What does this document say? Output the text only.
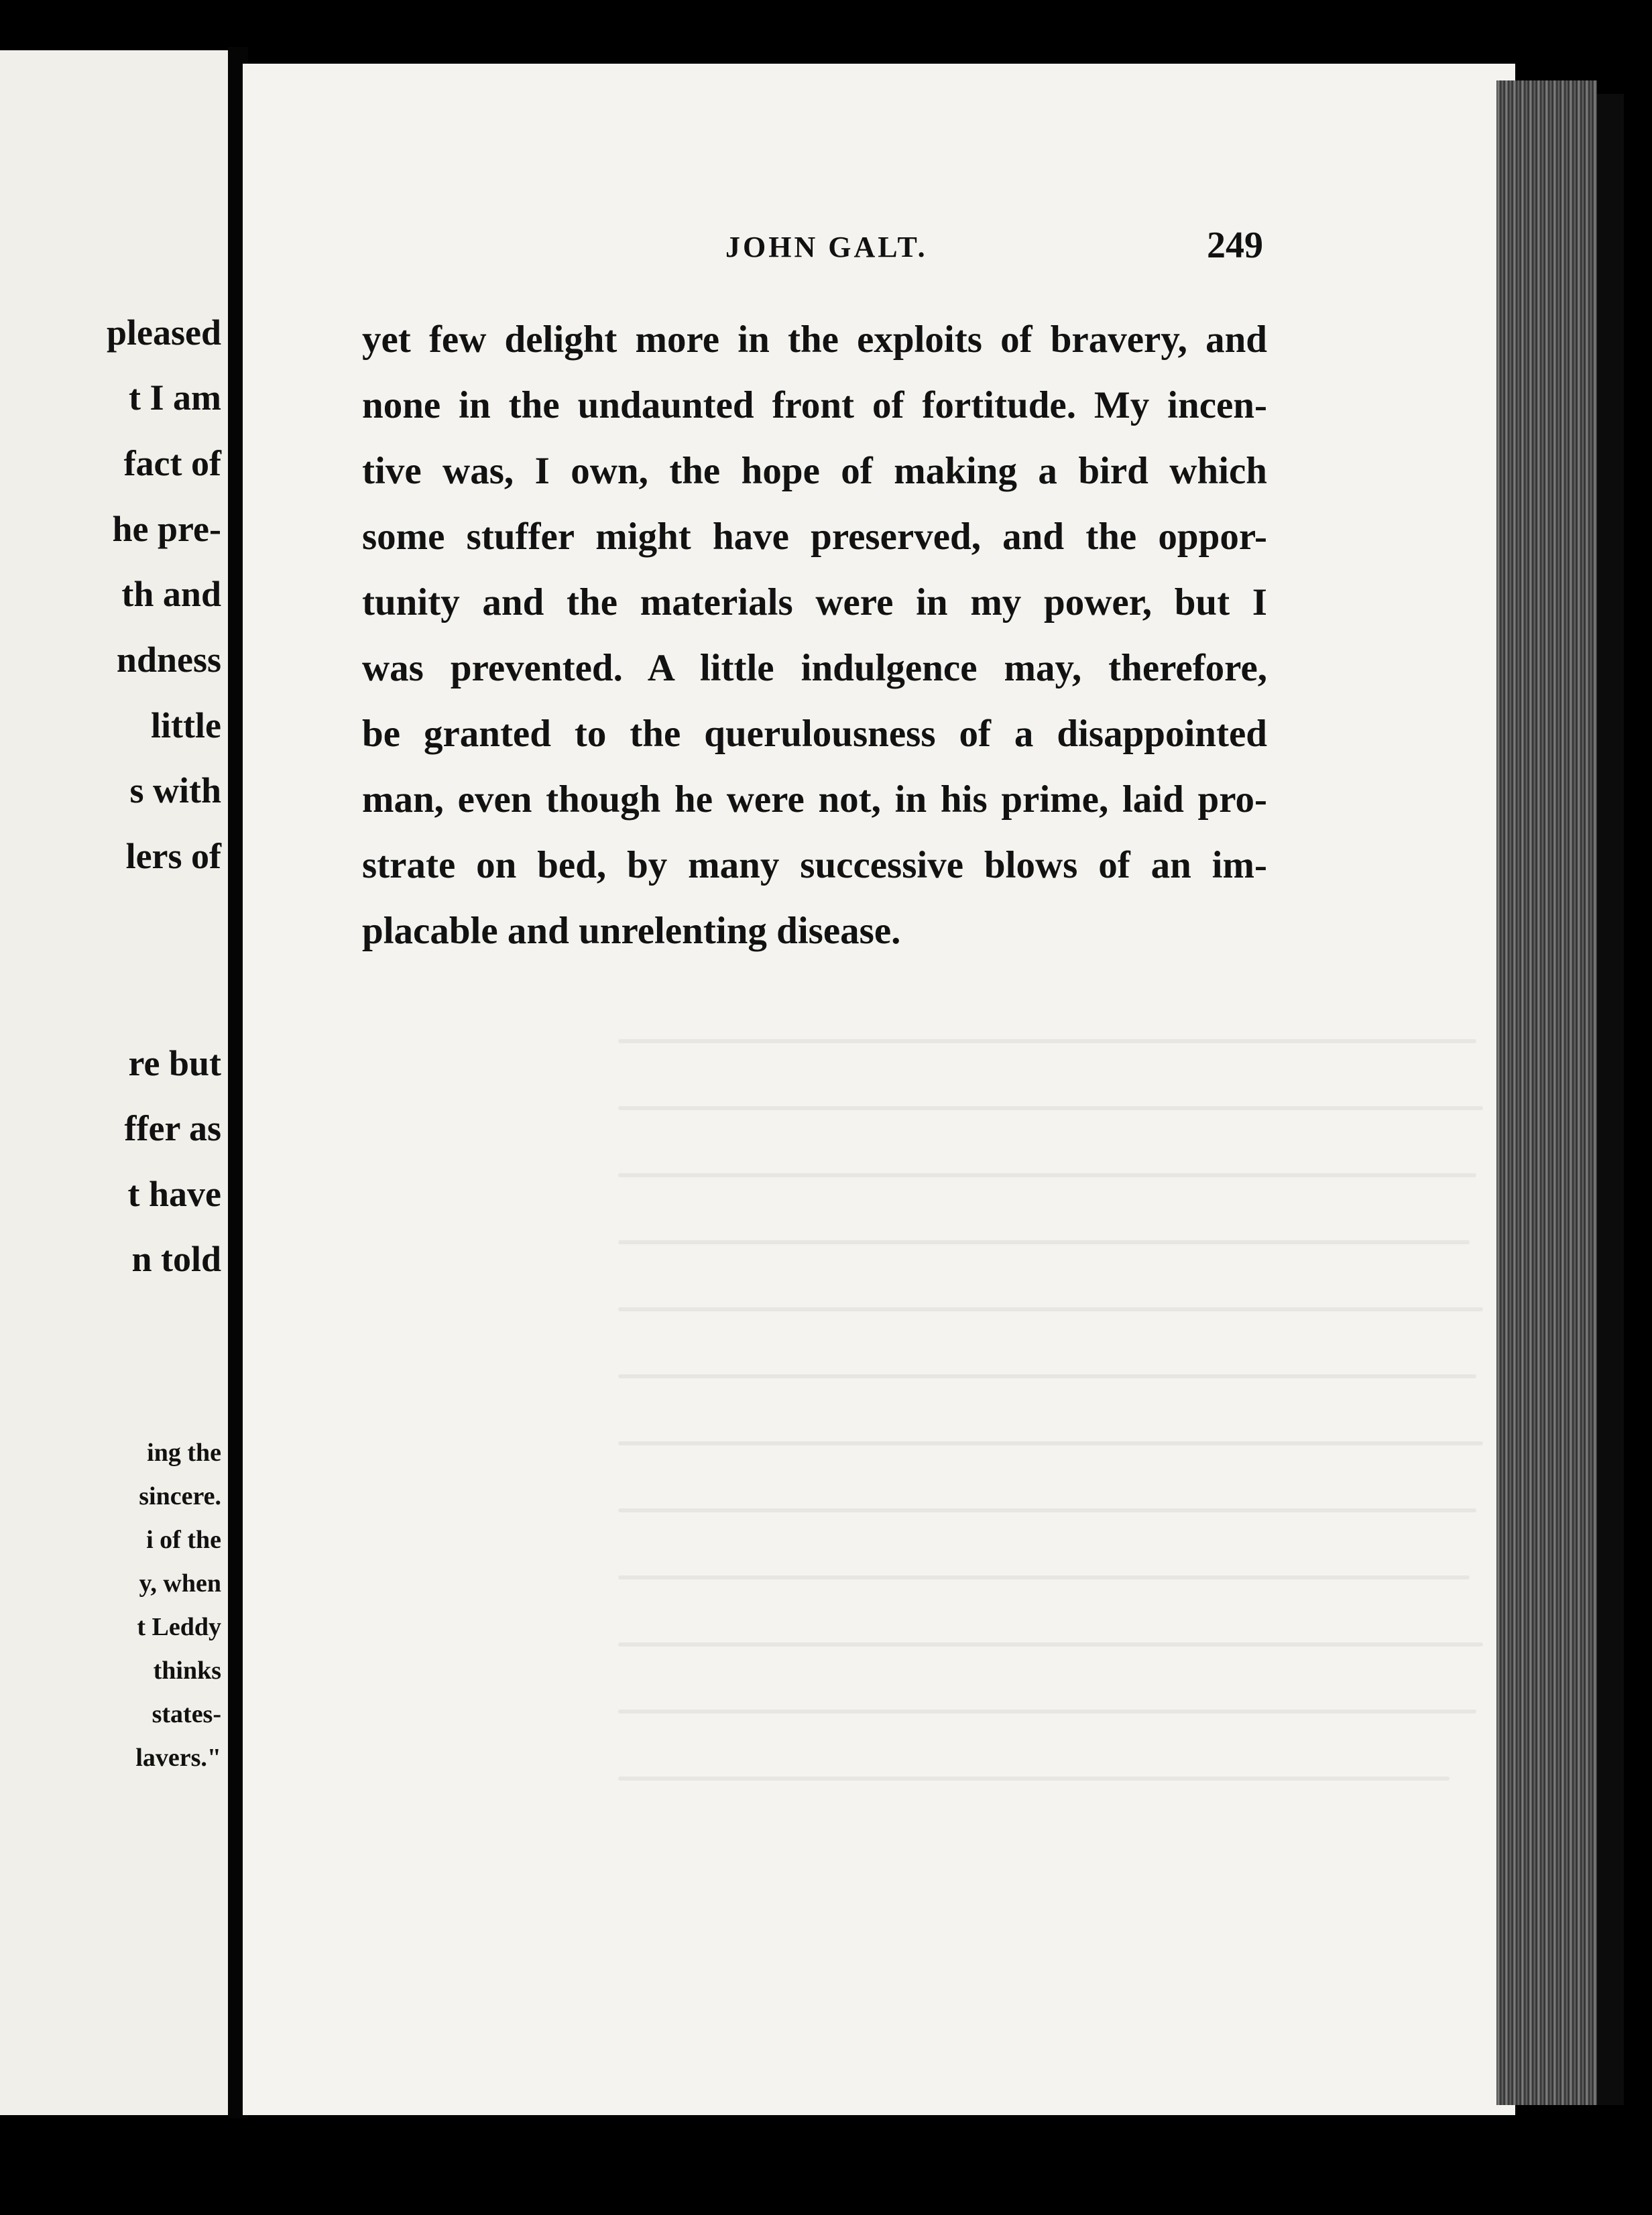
pleased
t I am
fact of
he pre-
th and
ndness
little
s with
lers of
re but
ffer as
t have
n told
ing the
sincere.
i of the
y, when
t Leddy
thinks
states-
lavers."
JOHN GALT.	249
yet few delight more in the exploits of bravery, and
none in the undaunted front of fortitude. My incen-
tive was, I own, the hope of making a bird which
some stuffer might have preserved, and the oppor-
tunity and the materials were in my power, but I
was prevented. A little indulgence may, therefore,
be granted to the querulousness of a disappointed
man, even though he were not, in his prime, laid pro-
strate on bed, by many successive blows of an im-
placable and unrelenting disease.
